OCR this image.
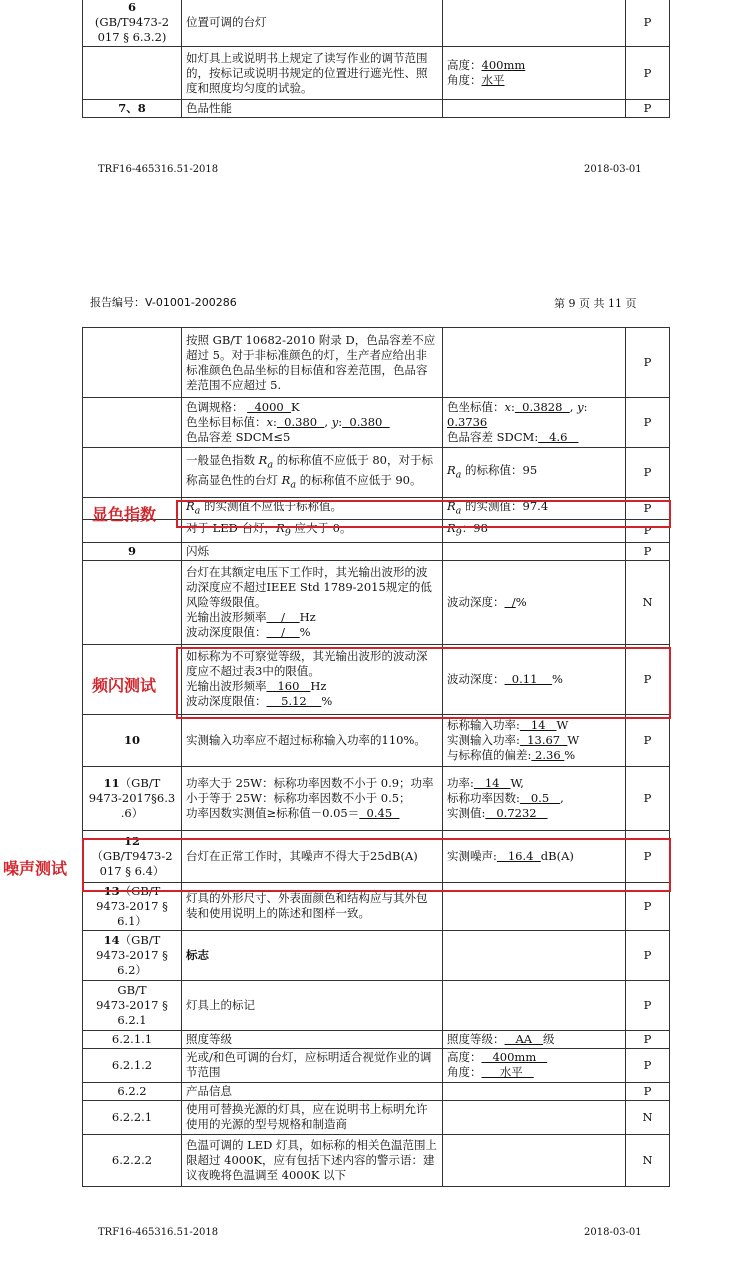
6
(GB/T9473-2
017 § 6.3.2)	位置可调的台灯		P
	如灯具上或说明书上规定了读写作业的调节范围的，按标记或说明书规定的位置进行遮光性、照度和照度均匀度的试验。	高度：400mm
角度：水平	P
7、8	色品性能		P
TRF16-465316.51-2018	2018-03-01
报告编号：V-01001-200286	第 9 页 共 11 页
	按照 GB/T 10682-2010 附录 D，色品容差不应超过 5。对于非标准颜色的灯，生产者应给出非标准颜色色品坐标的目标值和容差范围，色品容差范围不应超过 5.		P
	色调规格：   4000  K
色坐标目标值：x:  0.380  , y:  0.380
色品容差 SDCM≤5	色坐标值：x:  0.3828  , y:
0.3736
色品容差 SDCM:   4.6	P
	一般显色指数 $R_a$ 的标称值不应低于 80，对于标称高显色性的台灯 $R_a$ 的标称值不应低于 90。	$R_a$ 的标称值：95	P
	$R_a$ 的实测值不应低于标称值。	$R_a$ 的实测值：97.4	P
	对于 LED 台灯，$R_9$ 应大于 0。	$R_9$：98	P
9	闪烁		P
	台灯在其额定电压下工作时，其光输出波形的波动深度应不超过IEEE Std 1789-2015规定的低风险等级限值。
光输出波形频率    /    Hz
波动深度限值：    /    %	波动深度：  /%	N
	如标称为不可察觉等级，其光输出波形的波动深度应不超过表3中的限值。
光输出波形频率   160   Hz
波动深度限值：    5.12    %	波动深度：  0.11    %	P
10	实测输入功率应不超过标称输入功率的110%。	标称输入功率:   14   W
实测输入功率:  13.67  W
与标称值的偏差: 2.36 %	P
11（GB/T
9473-2017§6.3
.6）	功率大于 25W：标称功率因数不小于 0.9；功率小于等于 25W：标称功率因数不小于 0.5；
功率因数实测值≥标称值－0.05＝  0.45	功率:   14   W,
标称功率因数:   0.5   ,
实测值:   0.7232	P
12
（GB/T9473-2
017 § 6.4）	台灯在正常工作时，其噪声不得大于25dB(A)	实测噪声:   16.4  dB(A)	P
13（GB/T
9473-2017 §
6.1）	灯具的外形尺寸、外表面颜色和结构应与其外包装和使用说明上的陈述和图样一致。		P
14（GB/T
9473-2017 §
6.2）	标志		P
GB/T
9473-2017 §
6.2.1	灯具上的标记		P
6.2.1.1	照度等级	照度等级：   AA   级	P
6.2.1.2	光或/和色可调的台灯，应标明适合视觉作业的调节范围	高度：   400mm
角度：     水平	P
6.2.2	产品信息		P
6.2.2.1	使用可替换光源的灯具，应在说明书上标明允许使用的光源的型号规格和制造商		N
6.2.2.2	色温可调的 LED 灯具，如标称的相关色温范围上限超过 4000K，应有包括下述内容的警示语：建议夜晚将色温调至 4000K 以下		N
显色指数
频闪测试
噪声测试
TRF16-465316.51-2018	2018-03-01
